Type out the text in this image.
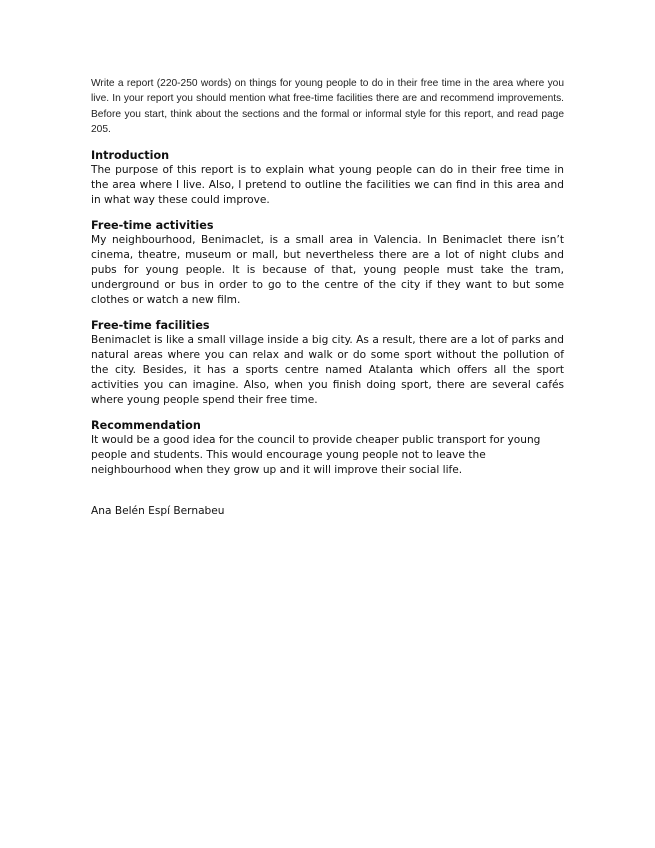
Write a report (220-250 words) on things for young people to do in their free time in the area where you live. In your report you should mention what free-time facilities there are and recommend improvements. Before you start, think about the sections and the formal or informal style for this report, and read page 205.

Introduction

The purpose of this report is to explain what young people can do in their free time in the area where I live. Also, I pretend to outline the facilities we can find in this area and in what way these could improve.

Free-time activities

My neighbourhood, Benimaclet, is a small area in Valencia. In Benimaclet there isn’t cinema, theatre, museum or mall, but nevertheless there are a lot of night clubs and pubs for young people. It is because of that, young people must take the tram, underground or bus in order to go to the centre of the city if they want to but some clothes or watch a new film.

Free-time facilities

Benimaclet is like a small village inside a big city. As a result, there are a lot of parks and natural areas where you can relax and walk or do some sport without the pollution of the city. Besides, it has a sports centre named Atalanta which offers all the sport activities you can imagine. Also, when you finish doing sport, there are several cafés where young people spend their free time.

Recommendation

It would be a good idea for the council to provide cheaper public transport for young people and students. This would encourage young people not to leave the neighbourhood when they grow up and it will improve their social life.

Ana Belén Espí Bernabeu
